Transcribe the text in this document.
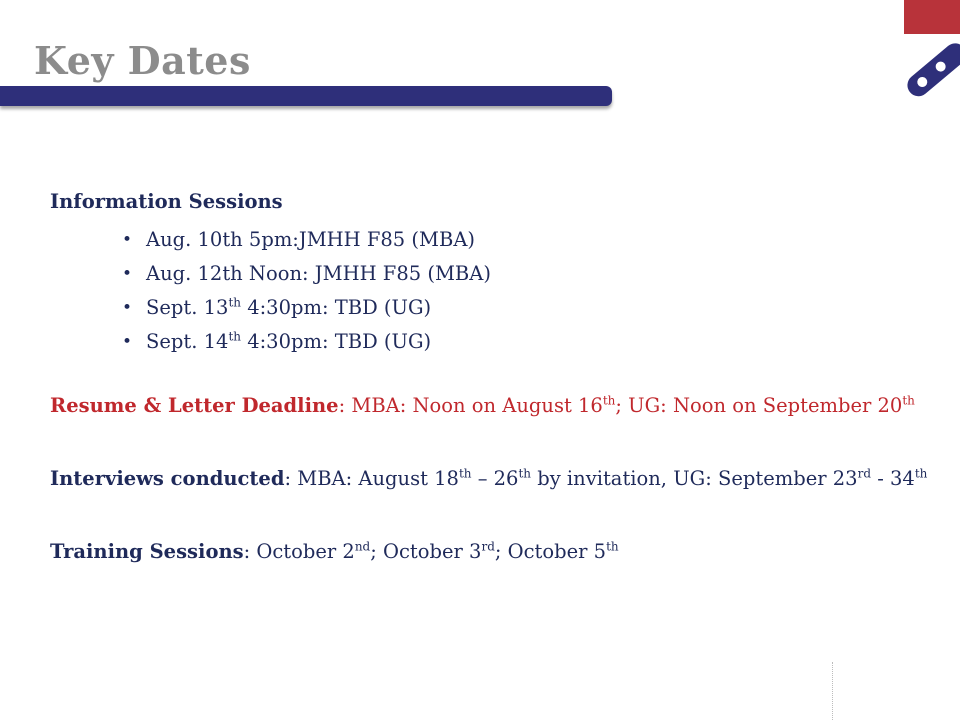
Key Dates
Information Sessions
• Aug. 10th 5pm:JMHH F85 (MBA)
• Aug. 12th Noon: JMHH F85 (MBA)
• Sept. 13th 4:30pm: TBD (UG)
• Sept. 14th 4:30pm: TBD (UG)

Resume & Letter Deadline: MBA: Noon on August 16th; UG: Noon on September 20th

Interviews conducted: MBA: August 18th – 26th by invitation, UG: September 23rd - 34th

Training Sessions: October 2nd; October 3rd; October 5th
